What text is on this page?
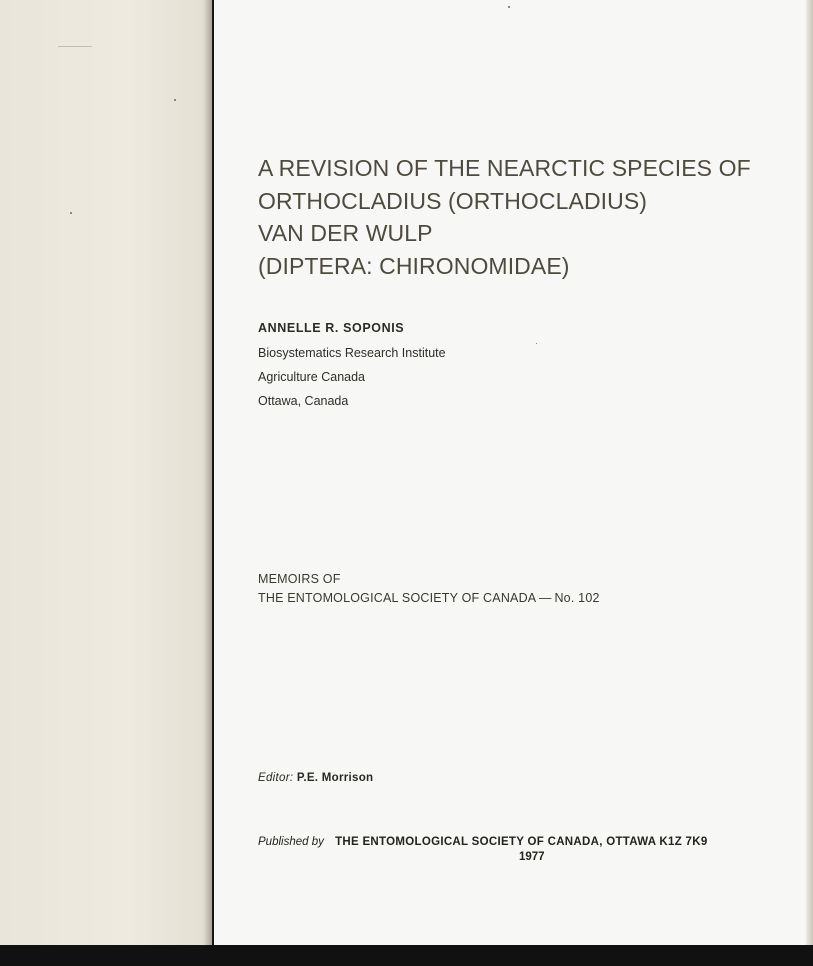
A REVISION OF THE NEARCTIC SPECIES OF
ORTHOCLADIUS (ORTHOCLADIUS)
VAN DER WULP
(DIPTERA: CHIRONOMIDAE)
ANNELLE R. SOPONIS
Biosystematics Research Institute
Agriculture Canada
Ottawa, Canada
MEMOIRS OF
THE ENTOMOLOGICAL SOCIETY OF CANADA — No. 102
Editor: P.E. Morrison
Published by THE ENTOMOLOGICAL SOCIETY OF CANADA, OTTAWA K1Z 7K9
1977
